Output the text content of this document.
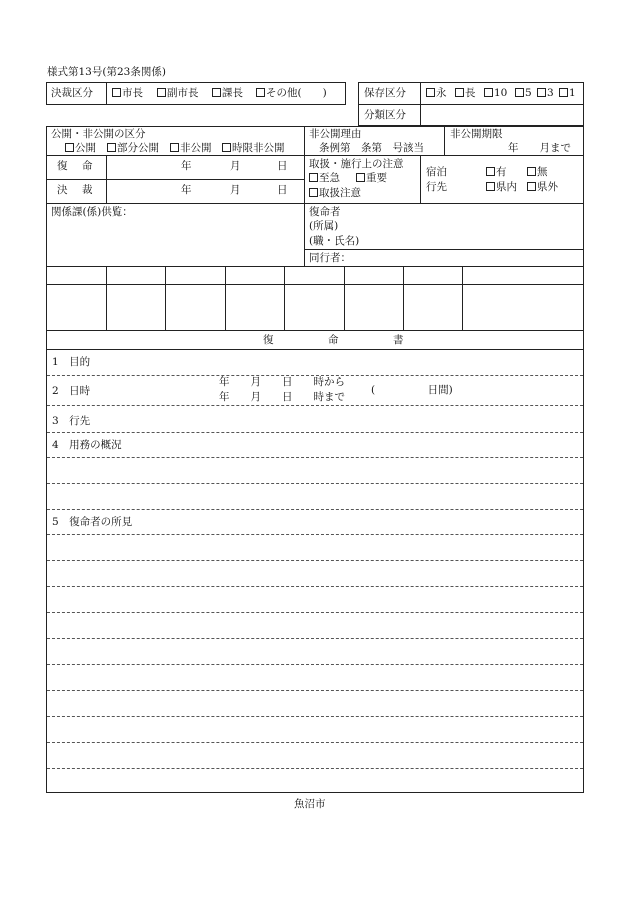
様式第13号(第23条関係)
決裁区分	市長	副市長	課長	その他(　　)	保存区分	永	長	10	5	3	1
分類区分
公開・非公開の区分
公開	部分公開	非公開	時限非公開
非公開理由
条例第　条第　号該当
非公開期限
年　　月まで
復　命	年	月	日
決　裁	年	月	日
取扱・施行上の注意
至急	重要
取扱注意
宿泊	有	無
行先	県内	県外
関係課(係)供覧：	復命者
(所属)
(職・氏名)
同行者：
復　命　書
1　目的
2　日時
年　　月　　日　　時から
年　　月　　日　　時まで
(　　　　　日間)
3　行先
4　用務の概況
5　復命者の所見
魚沼市
